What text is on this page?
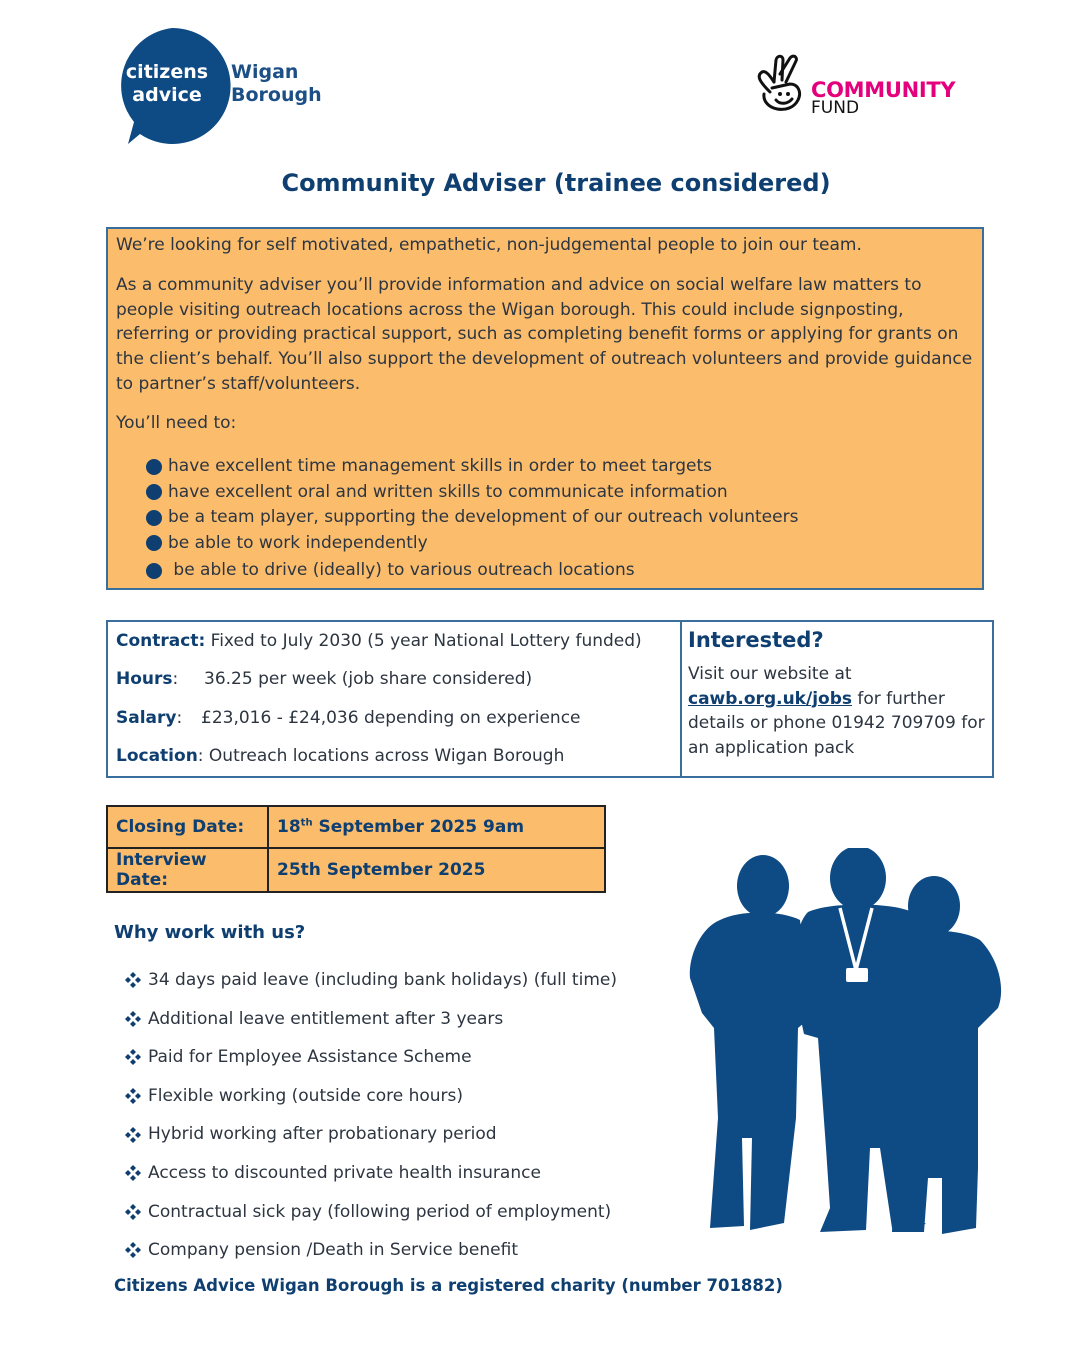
citizens
advice
Wigan
Borough	COMMUNITY
FUND
Community Adviser (trainee considered)
We’re looking for self motivated, empathetic, non-judgemental people to join our team.
As a community adviser you’ll provide information and advice on social welfare law matters to people visiting outreach locations across the Wigan borough. This could include signposting, referring or providing practical support, such as completing benefit forms or applying for grants on the client’s behalf. You’ll also support the development of outreach volunteers and provide guidance to partner’s staff/volunteers.
You’ll need to:
have excellent time management skills in order to meet targets
have excellent oral and written skills to communicate information
be a team player, supporting the development of our outreach volunteers
be able to work independently
be able to drive (ideally) to various outreach locations
Contract: Fixed to July 2030 (5 year National Lottery funded)
Hours: 36.25 per week (job share considered)
Salary: £23,016 - £24,036 depending on experience
Location: Outreach locations across Wigan Borough
Interested?

Visit our website at
cawb.org.uk/jobs for further details or phone 01942 709709 for an application pack

Closing Date:	18th September 2025 9am
Interview Date:	25th September 2025
Why work with us?
34 days paid leave (including bank holidays) (full time)
Additional leave entitlement after 3 years
Paid for Employee Assistance Scheme
Flexible working (outside core hours)
Hybrid working after probationary period
Access to discounted private health insurance
Contractual sick pay (following period of employment)
Company pension /Death in Service benefit
Citizens Advice Wigan Borough is a registered charity (number 701882)
